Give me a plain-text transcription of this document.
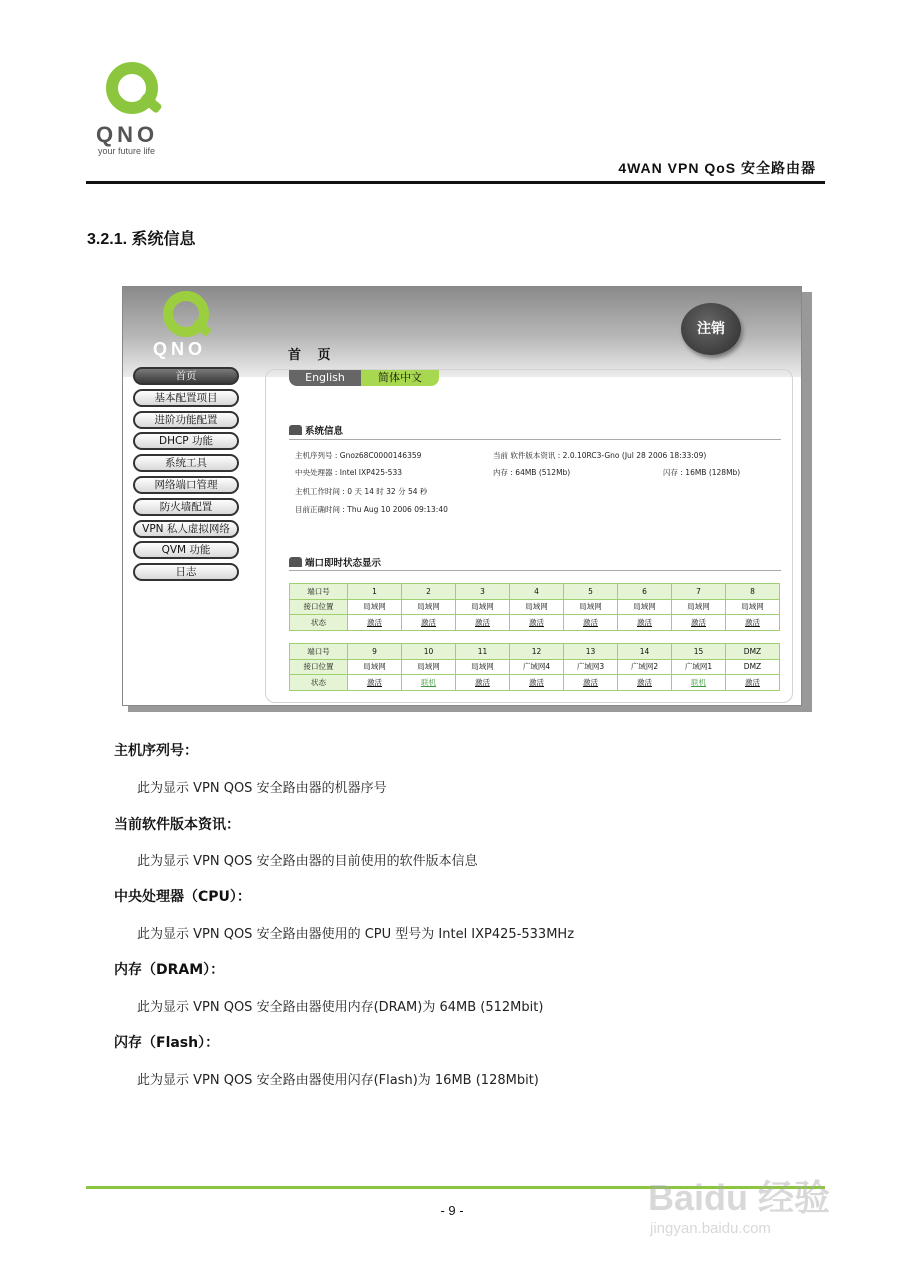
QNO
your future life
4WAN VPN QoS 安全路由器
3.2.1. 系统信息
QNO
注销
首 页
首页
基本配置项目
进阶功能配置
DHCP 功能
系统工具
网络端口管理
防火墙配置
VPN 私人虚拟网络
QVM 功能
日志
English	简体中文
系统信息
主机序列号 : Gnoz68C0000146359	当前 软件版本资讯 : 2.0.10RC3-Gno (Jul 28 2006 18:33:09)
中央处理器 : Intel IXP425-533	内存 : 64MB (512Mb)	闪存 : 16MB (128Mb)
主机工作时间 : 0 天 14 时 32 分 54 秒
目前正确时间 : Thu Aug 10 2006 09:13:40
端口即时状态显示
端口号	1	2	3	4	5	6	7	8
接口位置	局域网	局域网	局域网	局域网	局域网	局域网	局域网	局域网
状态	激活	激活	激活	激活	激活	激活	激活	激活
端口号	9	10	11	12	13	14	15	DMZ
接口位置	局域网	局域网	局域网	广域网4	广域网3	广域网2	广域网1	DMZ
状态	激活	联机	激活	激活	激活	激活	联机	激活
主机序列号：
此为显示 VPN QOS 安全路由器的机器序号
当前软件版本资讯：
此为显示 VPN QOS 安全路由器的目前使用的软件版本信息
中央处理器（CPU）：
此为显示 VPN QOS 安全路由器使用的 CPU 型号为 Intel IXP425-533MHz
内存（DRAM）：
此为显示 VPN QOS 安全路由器使用内存(DRAM)为 64MB (512Mbit)
闪存（Flash）：
此为显示 VPN QOS 安全路由器使用闪存(Flash)为 16MB (128Mbit)
- 9 -	Baidu 经验
jingyan.baidu.com
